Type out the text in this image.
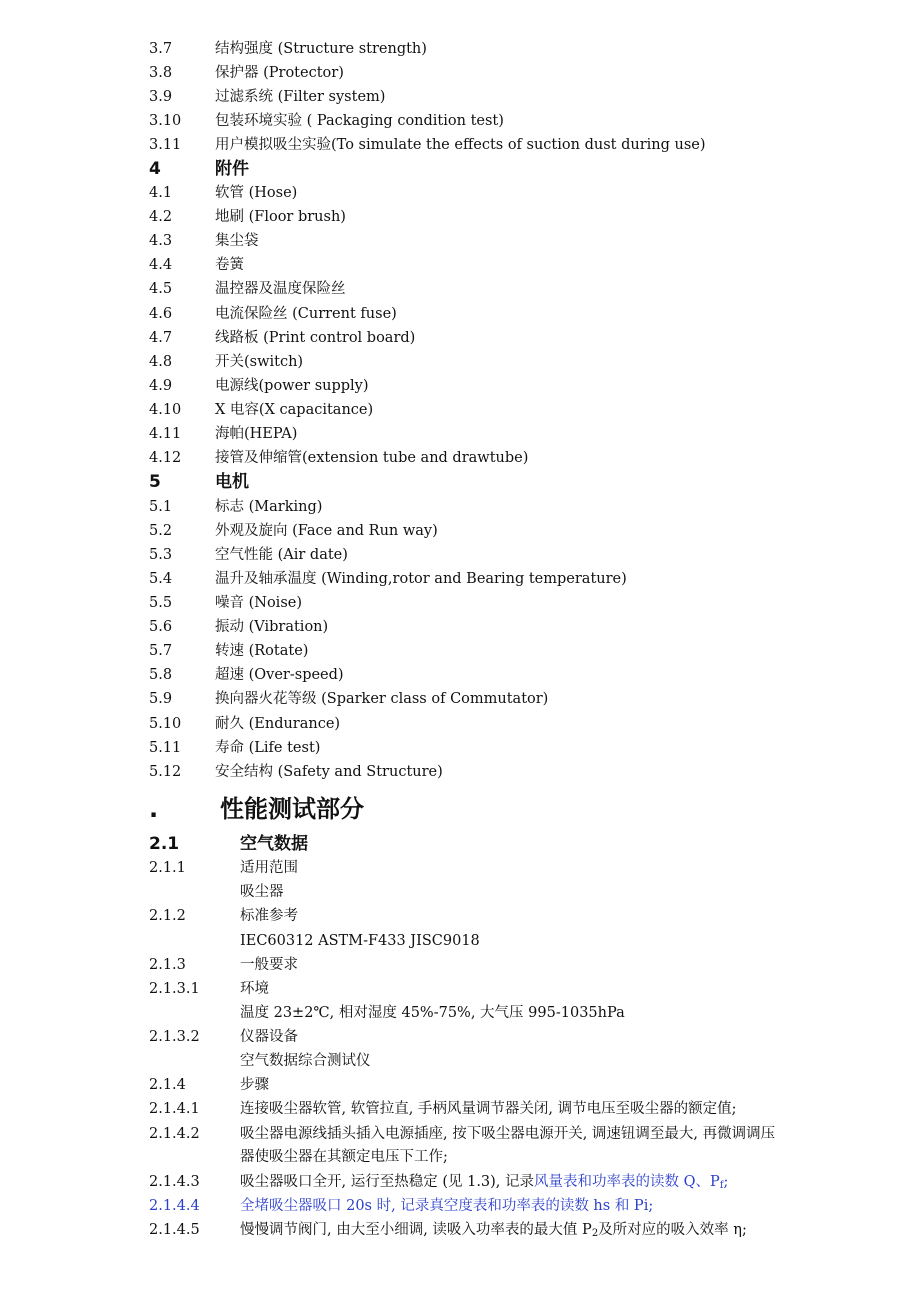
3.7	结构强度 (Structure strength)
3.8	保护器 (Protector)
3.9	过滤系统 (Filter system)
3.10 包装环境实验 ( Packaging condition test)
3.11 用户模拟吸尘实验(To simulate the effects of suction dust during use)
4	附件
4.1	软管 (Hose)
4.2	地刷 (Floor brush)
4.3	集尘袋
4.4	卷簧
4.5	温控器及温度保险丝
4.6	电流保险丝 (Current fuse)
4.7	线路板 (Print control board)
4.8	开关(switch)
4.9	电源线(power supply)
4.10 X 电容(X capacitance)
4.11 海帕(HEPA)
4.12 接管及伸缩管(extension tube and drawtube)
5	电机
5.1	标志 (Marking)
5.2	外观及旋向 (Face and Run way)
5.3	空气性能 (Air date)
5.4	温升及轴承温度 (Winding,rotor and Bearing temperature)
5.5	噪音 (Noise)
5.6	振动 (Vibration)
5.7	转速 (Rotate)
5.8	超速 (Over-speed)
5.9	换向器火花等级 (Sparker class of Commutator)
5.10 耐久 (Endurance)
5.11 寿命 (Life test)
5.12 安全结构 (Safety and Structure)
.	性能测试部分
2.1	空气数据
2.1.1	适用范围
吸尘器
2.1.2	标准参考
IEC60312 ASTM-F433 JISC9018
2.1.3	一般要求
2.1.3.1	环境
温度 23±2℃, 相对湿度 45%-75%, 大气压 995-1035hPa
2.1.3.2	仪器设备
空气数据综合测试仪
2.1.4	步骤
2.1.4.1	连接吸尘器软管, 软管拉直, 手柄风量调节器关闭, 调节电压至吸尘器的额定值;
2.1.4.2	吸尘器电源线插头插入电源插座, 按下吸尘器电源开关, 调速钮调至最大, 再微调调压
器使吸尘器在其额定电压下工作;
2.1.4.3	吸尘器吸口全开, 运行至热稳定 (见 1.3), 记录风量表和功率表的读数 Q、$P_f$;
2.1.4.4	全堵吸尘器吸口 20s 时, 记录真空度表和功率表的读数 hs 和 Pi;
2.1.4.5	慢慢调节阀门, 由大至小细调, 读吸入功率表的最大值 $P_2$及所对应的吸入效率 η;
